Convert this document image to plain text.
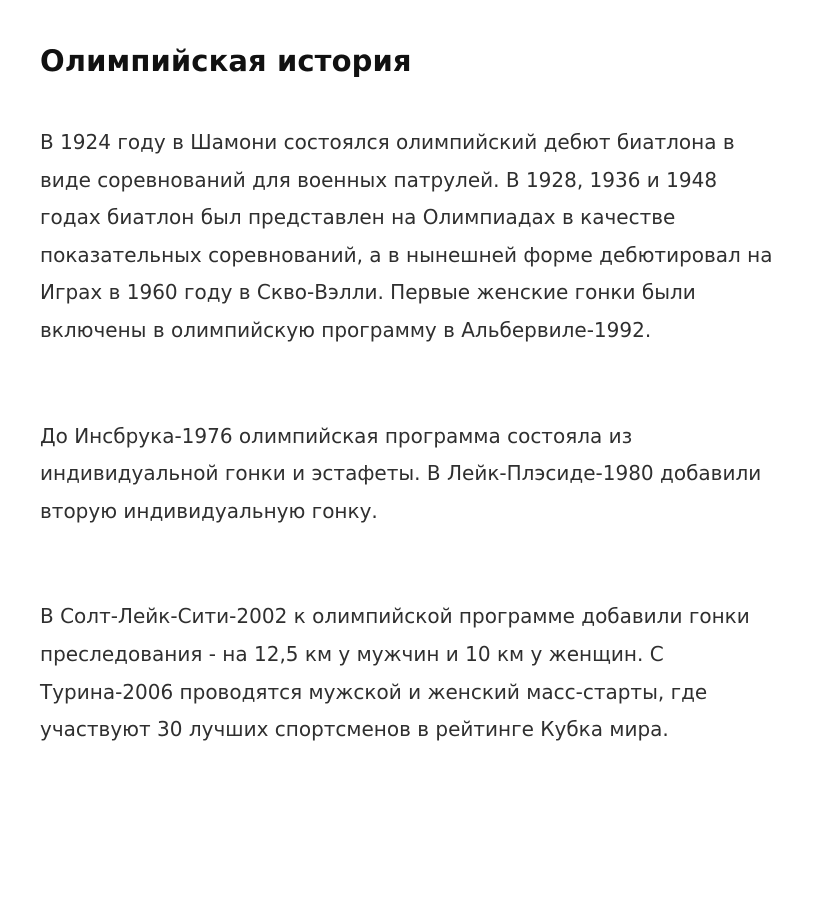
Олимпийская история

В 1924 году в Шамони состоялся олимпийский дебют биатлона в виде соревнований для военных патрулей. В 1928, 1936 и 1948 годах биатлон был представлен на Олимпиадах в качестве показательных соревнований, а в нынешней форме дебютировал на Играх в 1960 году в Скво-Вэлли. Первые женские гонки были включены в олимпийскую программу в Альбервиле-1992.

До Инсбрука-1976 олимпийская программа состояла из индивидуальной гонки и эстафеты. В Лейк-Плэсиде-1980 добавили вторую индивидуальную гонку.

В Солт-Лейк-Сити-2002 к олимпийской программе добавили гонки преследования - на 12,5 км у мужчин и 10 км у женщин. С Турина-2006 проводятся мужской и женский масс-старты, где участвуют 30 лучших спортсменов в рейтинге Кубка мира.
